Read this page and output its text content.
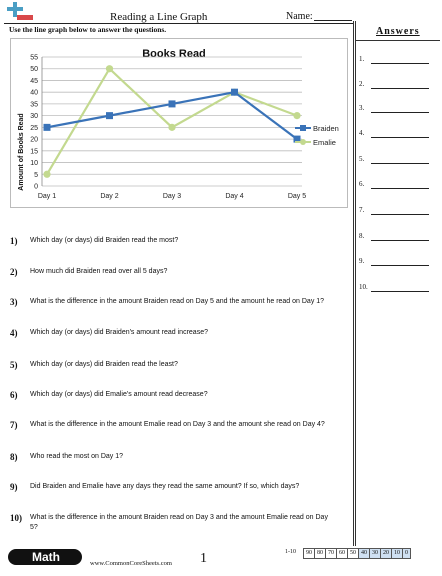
Reading a Line Graph	Name:
Use the line graph below to answer the questions.	Answers
1.
2.
3.
4.
5.
6.
7.
8.
9.
10.
Books Read
Amount of Books Read 0
5
10
15
20
25
30
35
40
45
50
55
Day 1	Day 2	Day 3	Day 4	Day 5
Emalie
Braiden
1) Which day (or days) did Braiden read the most?
2) How much did Braiden read over all 5 days?
3) What is the difference in the amount Braiden read on Day 5 and the amount he read on Day 1?
4) Which day (or days) did Braiden's amount read increase?
5) Which day (or days) did Braiden read the least?
6) Which day (or days) did Emalie's amount read decrease?
7) What is the difference in the amount Emalie read on Day 3 and the amount she read on Day 4?
8) Who read the most on Day 1?
9) Did Braiden and Emalie have any days they read the same amount? If so, which days?
10) What is the difference in the amount Braiden read on Day 3 and the amount Emalie read on Day 5?
Math	www.CommonCoreSheets.com 1	1-10	90 80 70 60 50 40 30 20 10 0
